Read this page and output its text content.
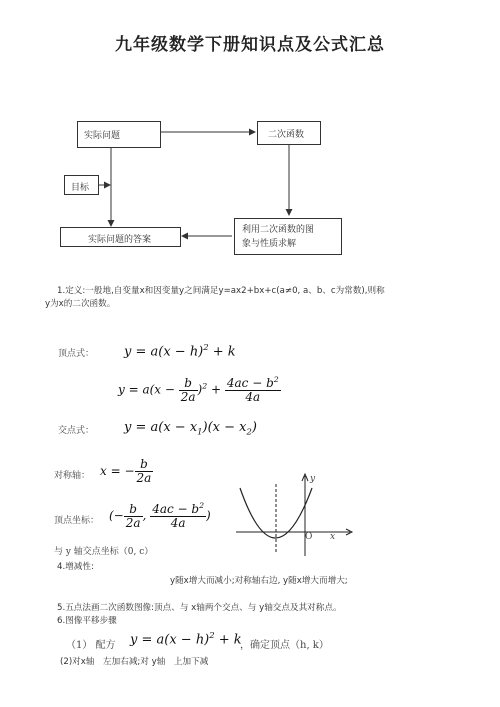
九年级数学下册知识点及公式汇总
实际问题	二次函数
目标
实际问题的答案
利用二次函数的图
象与性质求解
1.定义:一般地,自变量x和因变量y之间满足y=ax2+bx+c(a≠0, a、b、c为常数),则称
y为x的二次函数。
顶点式： $y = a(x - h)^2 + k$
$y = a(x - \frac{b}{2a} )^2 + \frac{4ac - b^2}{4a}$
交点式： $y = a(x - x_1)(x - x_2)$
对称轴： x = − $\frac{b}{2a}$
顶点坐标： (− $\frac{b}{2a}$ , $\frac{4ac - b^2}{4a}$ )
与 y 轴交点坐标（0, c）
y
O x
4.增减性:
y随x增大而减小;对称轴右边, y随x增大而增大;
5.五点法画二次函数图像:顶点、与 x轴两个交点、与 y轴交点及其对称点。
6.图像平移步骤
（1） 配方 $y = a(x - h)^2 + k$
，确定顶点（h, k）
(2)对x轴　左加右减;对 y轴　上加下减
